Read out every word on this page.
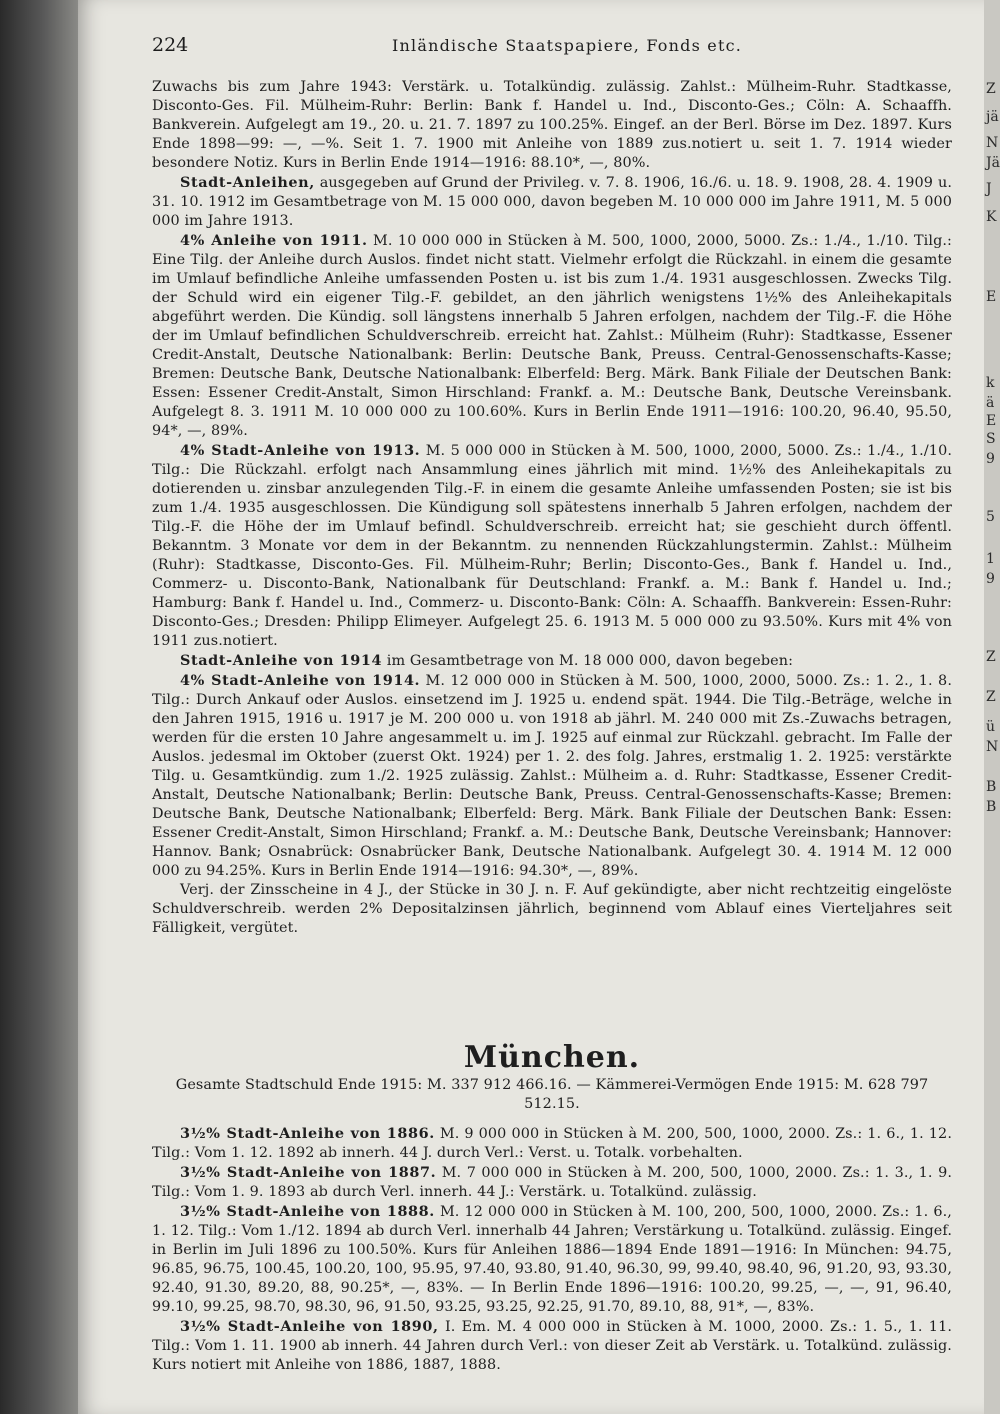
Z
jä
N
Jä
J
K
E
k
ä
E
S
9
5
1
9
Z
Z
ü
N
B
B
224	Inländische Staatspapiere, Fonds etc.

Zuwachs bis zum Jahre 1943: Verstärk. u. Totalkündig. zulässig. Zahlst.: Mülheim-Ruhr. Stadtkasse, Disconto-Ges. Fil. Mülheim-Ruhr: Berlin: Bank f. Handel u. Ind., Disconto-Ges.; Cöln: A. Schaaffh. Bankverein. Aufgelegt am 19., 20. u. 21. 7. 1897 zu 100.25%. Eingef. an der Berl. Börse im Dez. 1897. Kurs Ende 1898—99: —, —%. Seit 1. 7. 1900 mit Anleihe von 1889 zus.notiert u. seit 1. 7. 1914 wieder besondere Notiz. Kurs in Berlin Ende 1914—1916: 88.10*, —, 80%.

Stadt-Anleihen, ausgegeben auf Grund der Privileg. v. 7. 8. 1906, 16./6. u. 18. 9. 1908, 28. 4. 1909 u. 31. 10. 1912 im Gesamtbetrage von M. 15 000 000, davon begeben M. 10 000 000 im Jahre 1911, M. 5 000 000 im Jahre 1913.

4% Anleihe von 1911. M. 10 000 000 in Stücken à M. 500, 1000, 2000, 5000. Zs.: 1./4., 1./10. Tilg.: Eine Tilg. der Anleihe durch Auslos. findet nicht statt. Vielmehr erfolgt die Rückzahl. in einem die gesamte im Umlauf befindliche Anleihe umfassenden Posten u. ist bis zum 1./4. 1931 ausgeschlossen. Zwecks Tilg. der Schuld wird ein eigener Tilg.-F. gebildet, an den jährlich wenigstens 1½% des Anleihekapitals abgeführt werden. Die Kündig. soll längstens innerhalb 5 Jahren erfolgen, nachdem der Tilg.-F. die Höhe der im Umlauf befindlichen Schuldverschreib. erreicht hat. Zahlst.: Mülheim (Ruhr): Stadtkasse, Essener Credit-Anstalt, Deutsche Nationalbank: Berlin: Deutsche Bank, Preuss. Central-Genossenschafts-Kasse; Bremen: Deutsche Bank, Deutsche Nationalbank: Elberfeld: Berg. Märk. Bank Filiale der Deutschen Bank: Essen: Essener Credit-Anstalt, Simon Hirschland: Frankf. a. M.: Deutsche Bank, Deutsche Vereinsbank. Aufgelegt 8. 3. 1911 M. 10 000 000 zu 100.60%. Kurs in Berlin Ende 1911—1916: 100.20, 96.40, 95.50, 94*, —, 89%.

4% Stadt-Anleihe von 1913. M. 5 000 000 in Stücken à M. 500, 1000, 2000, 5000. Zs.: 1./4., 1./10. Tilg.: Die Rückzahl. erfolgt nach Ansammlung eines jährlich mit mind. 1½% des Anleihekapitals zu dotierenden u. zinsbar anzulegenden Tilg.-F. in einem die gesamte Anleihe umfassenden Posten; sie ist bis zum 1./4. 1935 ausgeschlossen. Die Kündigung soll spätestens innerhalb 5 Jahren erfolgen, nachdem der Tilg.-F. die Höhe der im Umlauf befindl. Schuldverschreib. erreicht hat; sie geschieht durch öffentl. Bekanntm. 3 Monate vor dem in der Bekanntm. zu nennenden Rückzahlungstermin. Zahlst.: Mülheim (Ruhr): Stadtkasse, Disconto-Ges. Fil. Mülheim-Ruhr; Berlin; Disconto-Ges., Bank f. Handel u. Ind., Commerz- u. Disconto-Bank, Nationalbank für Deutschland: Frankf. a. M.: Bank f. Handel u. Ind.; Hamburg: Bank f. Handel u. Ind., Commerz- u. Disconto-Bank: Cöln: A. Schaaffh. Bankverein: Essen-Ruhr: Disconto-Ges.; Dresden: Philipp Elimeyer. Aufgelegt 25. 6. 1913 M. 5 000 000 zu 93.50%. Kurs mit 4% von 1911 zus.notiert.

Stadt-Anleihe von 1914 im Gesamtbetrage von M. 18 000 000, davon begeben:

4% Stadt-Anleihe von 1914. M. 12 000 000 in Stücken à M. 500, 1000, 2000, 5000. Zs.: 1. 2., 1. 8. Tilg.: Durch Ankauf oder Auslos. einsetzend im J. 1925 u. endend spät. 1944. Die Tilg.-Beträge, welche in den Jahren 1915, 1916 u. 1917 je M. 200 000 u. von 1918 ab jährl. M. 240 000 mit Zs.-Zuwachs betragen, werden für die ersten 10 Jahre angesammelt u. im J. 1925 auf einmal zur Rückzahl. gebracht. Im Falle der Auslos. jedesmal im Oktober (zuerst Okt. 1924) per 1. 2. des folg. Jahres, erstmalig 1. 2. 1925: verstärkte Tilg. u. Gesamtkündig. zum 1./2. 1925 zulässig. Zahlst.: Mülheim a. d. Ruhr: Stadtkasse, Essener Credit-Anstalt, Deutsche Nationalbank; Berlin: Deutsche Bank, Preuss. Central-Genossenschafts-Kasse; Bremen: Deutsche Bank, Deutsche Nationalbank; Elberfeld: Berg. Märk. Bank Filiale der Deutschen Bank: Essen: Essener Credit-Anstalt, Simon Hirschland; Frankf. a. M.: Deutsche Bank, Deutsche Vereinsbank; Hannover: Hannov. Bank; Osnabrück: Osnabrücker Bank, Deutsche Nationalbank. Aufgelegt 30. 4. 1914 M. 12 000 000 zu 94.25%. Kurs in Berlin Ende 1914—1916: 94.30*, —, 89%.

Verj. der Zinsscheine in 4 J., der Stücke in 30 J. n. F. Auf gekündigte, aber nicht rechtzeitig eingelöste Schuldverschreib. werden 2% Depositalzinsen jährlich, beginnend vom Ablauf eines Vierteljahres seit Fälligkeit, vergütet.

München.

Gesamte Stadtschuld Ende 1915: M. 337 912 466.16. — Kämmerei-Vermögen Ende 1915: M. 628 797 512.15.

3½% Stadt-Anleihe von 1886. M. 9 000 000 in Stücken à M. 200, 500, 1000, 2000. Zs.: 1. 6., 1. 12. Tilg.: Vom 1. 12. 1892 ab innerh. 44 J. durch Verl.: Verst. u. Totalk. vorbehalten.

3½% Stadt-Anleihe von 1887. M. 7 000 000 in Stücken à M. 200, 500, 1000, 2000. Zs.: 1. 3., 1. 9. Tilg.: Vom 1. 9. 1893 ab durch Verl. innerh. 44 J.: Verstärk. u. Totalkünd. zulässig.

3½% Stadt-Anleihe von 1888. M. 12 000 000 in Stücken à M. 100, 200, 500, 1000, 2000. Zs.: 1. 6., 1. 12. Tilg.: Vom 1./12. 1894 ab durch Verl. innerhalb 44 Jahren; Verstärkung u. Totalkünd. zulässig. Eingef. in Berlin im Juli 1896 zu 100.50%. Kurs für Anleihen 1886—1894 Ende 1891—1916: In München: 94.75, 96.85, 96.75, 100.45, 100.20, 100, 95.95, 97.40, 93.80, 91.40, 96.30, 99, 99.40, 98.40, 96, 91.20, 93, 93.30, 92.40, 91.30, 89.20, 88, 90.25*, —, 83%. — In Berlin Ende 1896—1916: 100.20, 99.25, —, —, 91, 96.40, 99.10, 99.25, 98.70, 98.30, 96, 91.50, 93.25, 93.25, 92.25, 91.70, 89.10, 88, 91*, —, 83%.

3½% Stadt-Anleihe von 1890, I. Em. M. 4 000 000 in Stücken à M. 1000, 2000. Zs.: 1. 5., 1. 11. Tilg.: Vom 1. 11. 1900 ab innerh. 44 Jahren durch Verl.: von dieser Zeit ab Verstärk. u. Totalkünd. zulässig. Kurs notiert mit Anleihe von 1886, 1887, 1888.
